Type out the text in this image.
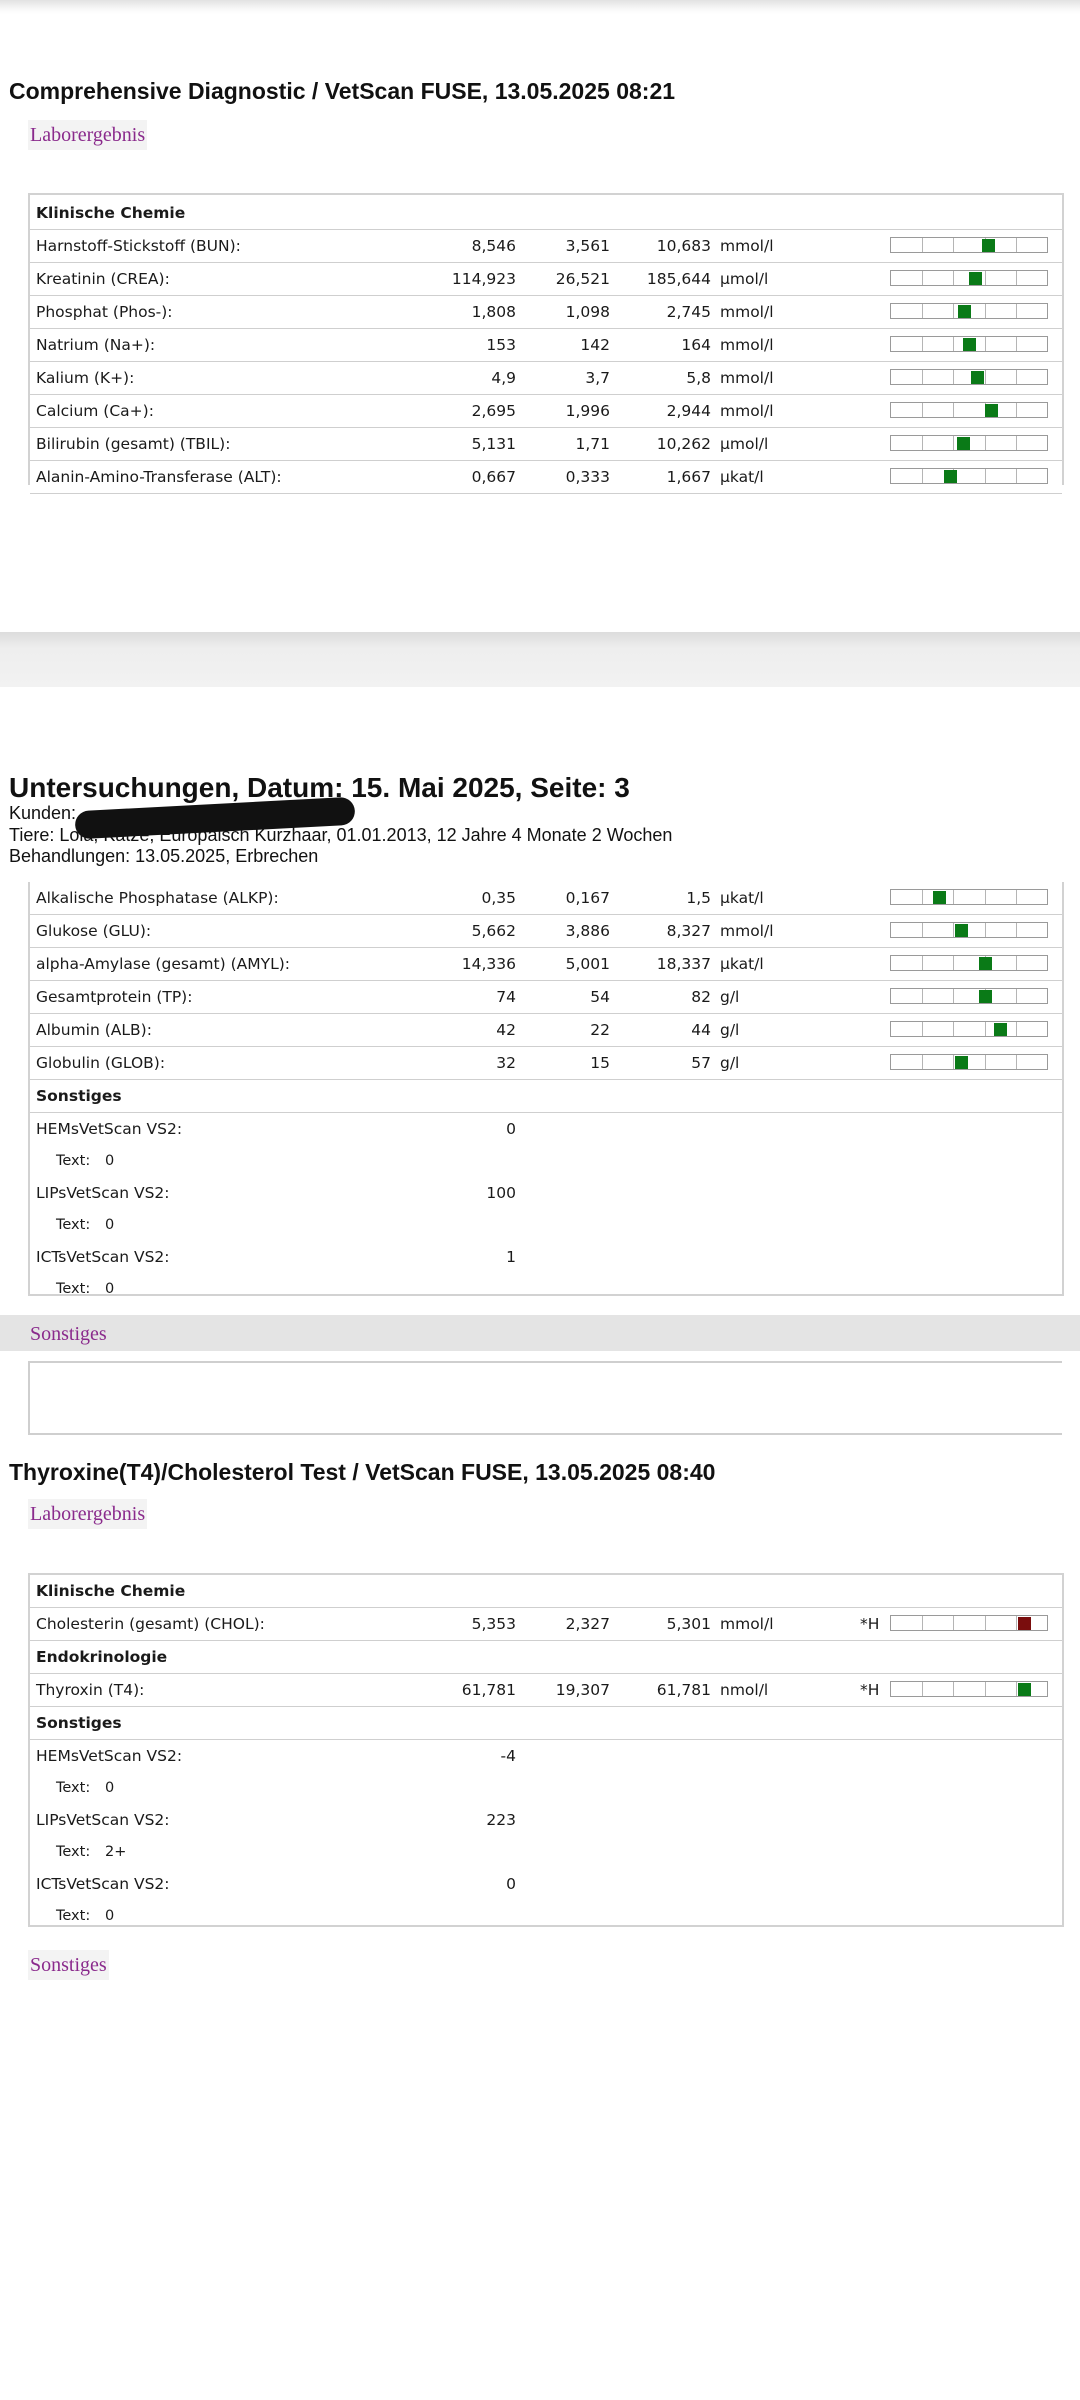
Comprehensive Diagnostic / VetScan FUSE, 13.05.2025 08:21
Laborergebnis
Klinische Chemie
Harnstoff-Stickstoff (BUN):	8,546	3,561	10,683 mmol/l
Kreatinin (CREA):	114,923	26,521 185,644 µmol/l
Phosphat (Phos-):	1,808	1,098	2,745 mmol/l
Natrium (Na+):	153	142	164 mmol/l
Kalium (K+):	4,9	3,7	5,8 mmol/l
Calcium (Ca+):	2,695	1,996	2,944 mmol/l
Bilirubin (gesamt) (TBIL):	5,131	1,71	10,262 µmol/l
Alanin-Amino-Transferase (ALT):	0,667	0,333	1,667 µkat/l
Untersuchungen, Datum: 15. Mai 2025, Seite: 3
Kunden:
Tiere: Lola, Katze, Europäisch Kurzhaar, 01.01.2013, 12 Jahre 4 Monate 2 Wochen
Behandlungen: 13.05.2025, Erbrechen
Alkalische Phosphatase (ALKP):	0,35	0,167	1,5 µkat/l
Glukose (GLU):	5,662	3,886	8,327 mmol/l
alpha-Amylase (gesamt) (AMYL):	14,336	5,001	18,337 µkat/l
Gesamtprotein (TP):	74	54	82 g/l
Albumin (ALB):	42	22	44 g/l
Globulin (GLOB):	32	15	57 g/l
Sonstiges
HEMsVetScan VS2:	0
Text: 0
LIPsVetScan VS2:	100
Text: 0
ICTsVetScan VS2:	1
Text: 0
Sonstiges
Thyroxine(T4)/Cholesterol Test / VetScan FUSE, 13.05.2025 08:40
Laborergebnis
Klinische Chemie
Cholesterin (gesamt) (CHOL):	5,353	2,327	5,301 mmol/l	*H
Endokrinologie
Thyroxin (T4):	61,781	19,307	61,781 nmol/l	*H
Sonstiges
HEMsVetScan VS2:	-4
Text: 0
LIPsVetScan VS2:	223
Text: 2+
ICTsVetScan VS2:	0
Text: 0
Sonstiges
